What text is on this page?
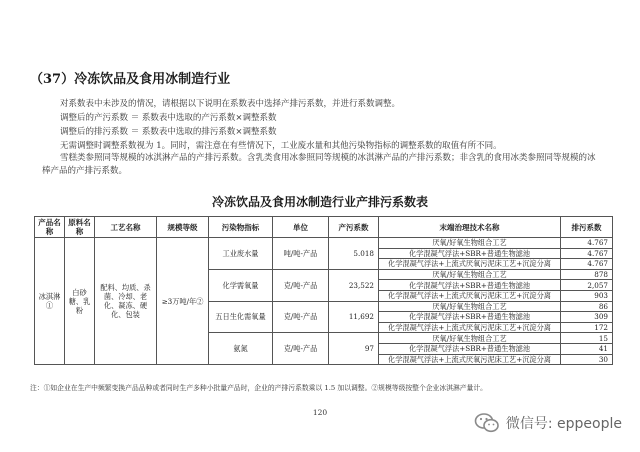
（37）冷冻饮品及食用冰制造行业
对系数表中未涉及的情况，请根据以下说明在系数表中选择产排污系数，并进行系数调整。
调整后的产污系数 ＝ 系数表中选取的产污系数×调整系数
调整后的排污系数 ＝ 系数表中选取的排污系数×调整系数
无需调整时调整系数视为 1。同时，需注意在有些情况下，工业废水量和其他污染物指标的调整系数的取值有所不同。
雪糕类参照同等规模的冰淇淋产品的产排污系数。含乳类食用冰参照同等规模的冰淇淋产品的产排污系数；非含乳的食用冰类参照同等规模的冰棒产品的产排污系数。
冷冻饮品及食用冰制造行业产排污系数表
产品名称	原料名称	工艺名称	规模等级	污染物指标	单位	产污系数	末端治理技术名称	排污系数
冰淇淋①	白砂糖、乳粉	配料、均质、杀菌、冷却、老化、凝冻、硬化、包装	≥3万吨/年②	工业废水量	吨/吨-产品	5.018	厌氧/好氧生物组合工艺	4.767
							化学混凝气浮法+SBR+普通生物滤池	4.767
							化学混凝气浮法+上流式厌氧污泥床工艺+沉淀分离	4.767
				化学需氧量	克/吨-产品	23,522	厌氧/好氧生物组合工艺	878
							化学混凝气浮法+SBR+普通生物滤池	2,057
							化学混凝气浮法+上流式厌氧污泥床工艺+沉淀分离	903
				五日生化需氧量	克/吨-产品	11,692	厌氧/好氧生物组合工艺	86
							化学混凝气浮法+SBR+普通生物滤池	309
							化学混凝气浮法+上流式厌氧污泥床工艺+沉淀分离	172
				氨氮	克/吨-产品	97	厌氧/好氧生物组合工艺	15
							化学混凝气浮法+SBR+普通生物滤池	41
							化学混凝气浮法+上流式厌氧污泥床工艺+沉淀分离	30
注：①如企业在生产中频繁变换产品品种或者同时生产多种小批量产品时，企业的产排污系数乘以 1.5 加以调整。②规模等级按整个企业冰淇淋产量计。
120
微信号: eppeople
